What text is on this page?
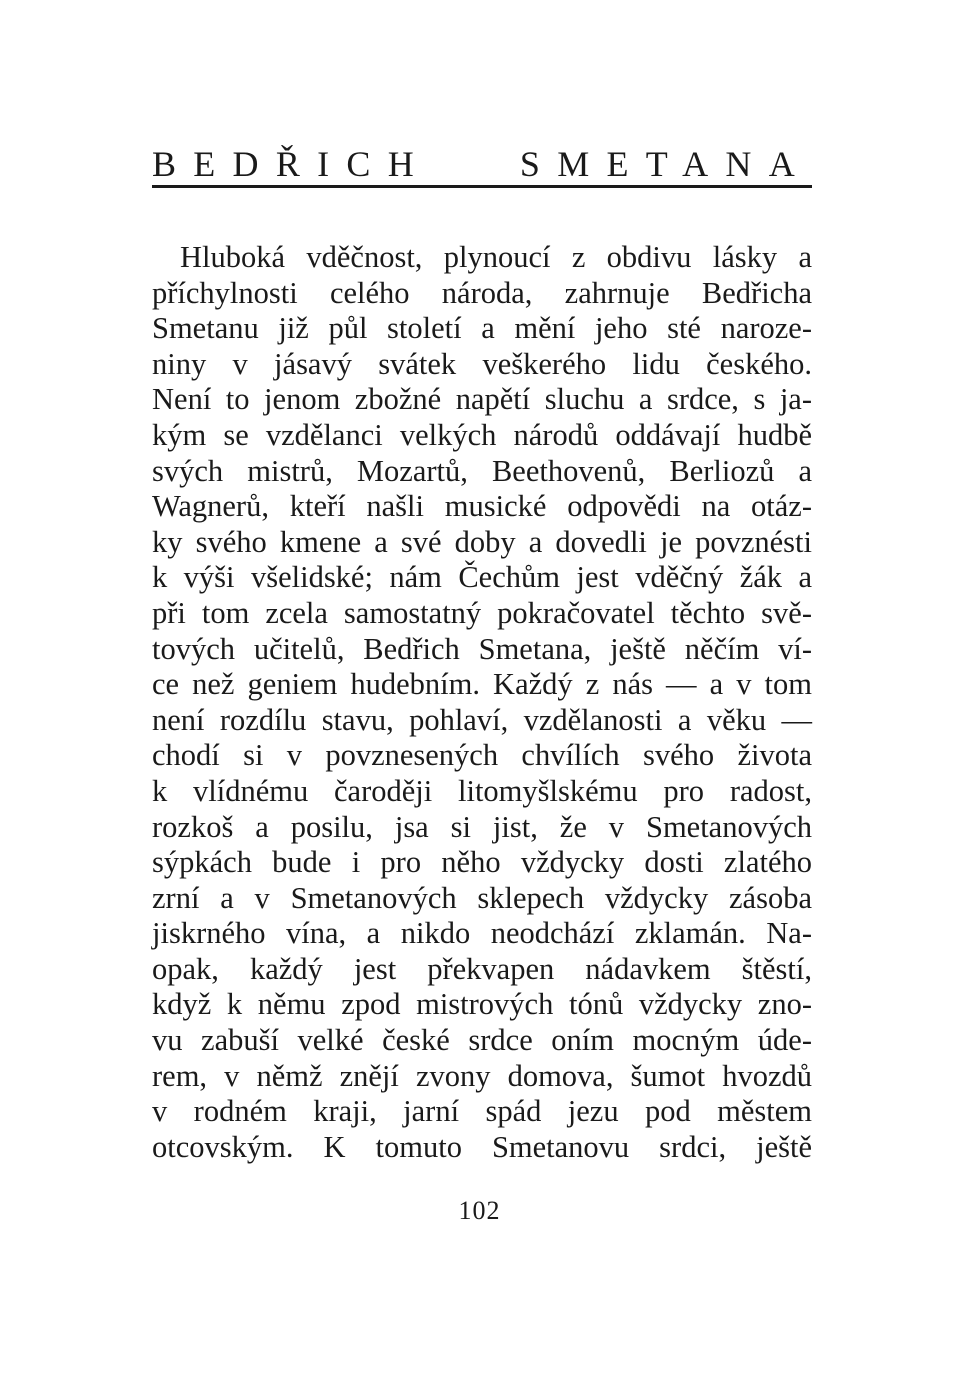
BEDŘICH SMETANA
Hluboká vděčnost, plynoucí z obdivu lásky a
příchylnosti celého národa, zahrnuje Bedřicha
Smetanu již půl století a mění jeho sté naroze-
niny v jásavý svátek veškerého lidu českého.
Není to jenom zbožné napětí sluchu a srdce, s ja-
kým se vzdělanci velkých národů oddávají hudbě
svých mistrů, Mozartů, Beethovenů, Berliozů a
Wagnerů, kteří našli musické odpovědi na otáz-
ky svého kmene a své doby a dovedli je povznésti
k výši všelidské; nám Čechům jest vděčný žák a
při tom zcela samostatný pokračovatel těchto svě-
tových učitelů, Bedřich Smetana, ještě něčím ví-
ce než geniem hudebním. Každý z nás — a v tom
není rozdílu stavu, pohlaví, vzdělanosti a věku —
chodí si v povznesených chvílích svého života
k vlídnému čaroději litomyšlskému pro radost,
rozkoš a posilu, jsa si jist, že v Smetanových
sýpkách bude i pro něho vždycky dosti zlatého
zrní a v Smetanových sklepech vždycky zásoba
jiskrného vína, a nikdo neodchází zklamán. Na-
opak, každý jest překvapen nádavkem štěstí,
když k němu zpod mistrových tónů vždycky zno-
vu zabuší velké české srdce oním mocným úde-
rem, v němž znějí zvony domova, šumot hvozdů
v rodném kraji, jarní spád jezu pod městem
otcovským. K tomuto Smetanovu srdci, ještě
102
